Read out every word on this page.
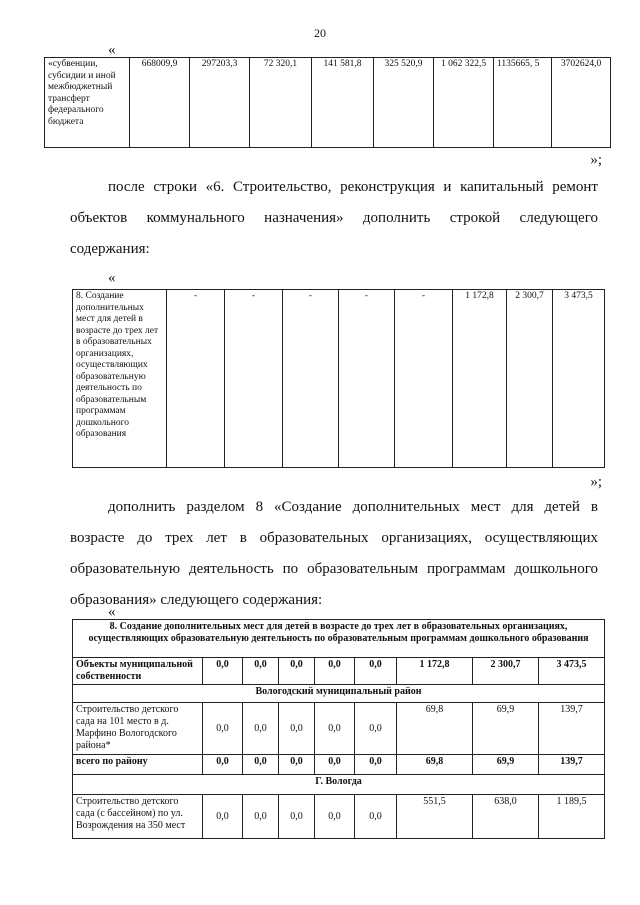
20
«
«субвенции, субсидии и иной межбюджетный трансферт федерального бюджета	668009,9	297203,3	72 320,1	141 581,8	325 520,9	1 062 322,5	1135665, 5	3702624,0
»;
после строки «6. Строительство, реконструкция и капитальный ремонт объектов коммунального назначения» дополнить строкой следующего содержания:
«
8. Создание дополнительных мест для детей в возрасте до трех лет в образовательных организациях, осуществляющих образовательную деятельность по образовательным программам дошкольного образования	-	-	-	-	-	1 172,8	2 300,7	3 473,5
»;
дополнить разделом 8 «Создание дополнительных мест для детей в возрасте до трех лет в образовательных организациях, осуществляющих образовательную деятельность по образовательным программам дошкольного образования» следующего содержания:
«
8. Создание дополнительных мест для детей в возрасте до трех лет в образовательных организациях, осуществляющих образовательную деятельность по образовательным программам дошкольного образования								
Объекты муниципальной собственности	0,0	0,0	0,0	0,0	0,0	1 172,8	2 300,7	3 473,5
Вологодский муниципальный район								
Строительство детского сада на 101 место в д. Марфино Вологодского района*	0,0	0,0	0,0	0,0	0,0	69,8	69,9	139,7
всего по району	0,0	0,0	0,0	0,0	0,0	69,8	69,9	139,7
Г. Вологда								
Строительство детского сада (с бассейном) по ул. Возрождения на 350 мест	0,0	0,0	0,0	0,0	0,0	551,5	638,0	1 189,5
